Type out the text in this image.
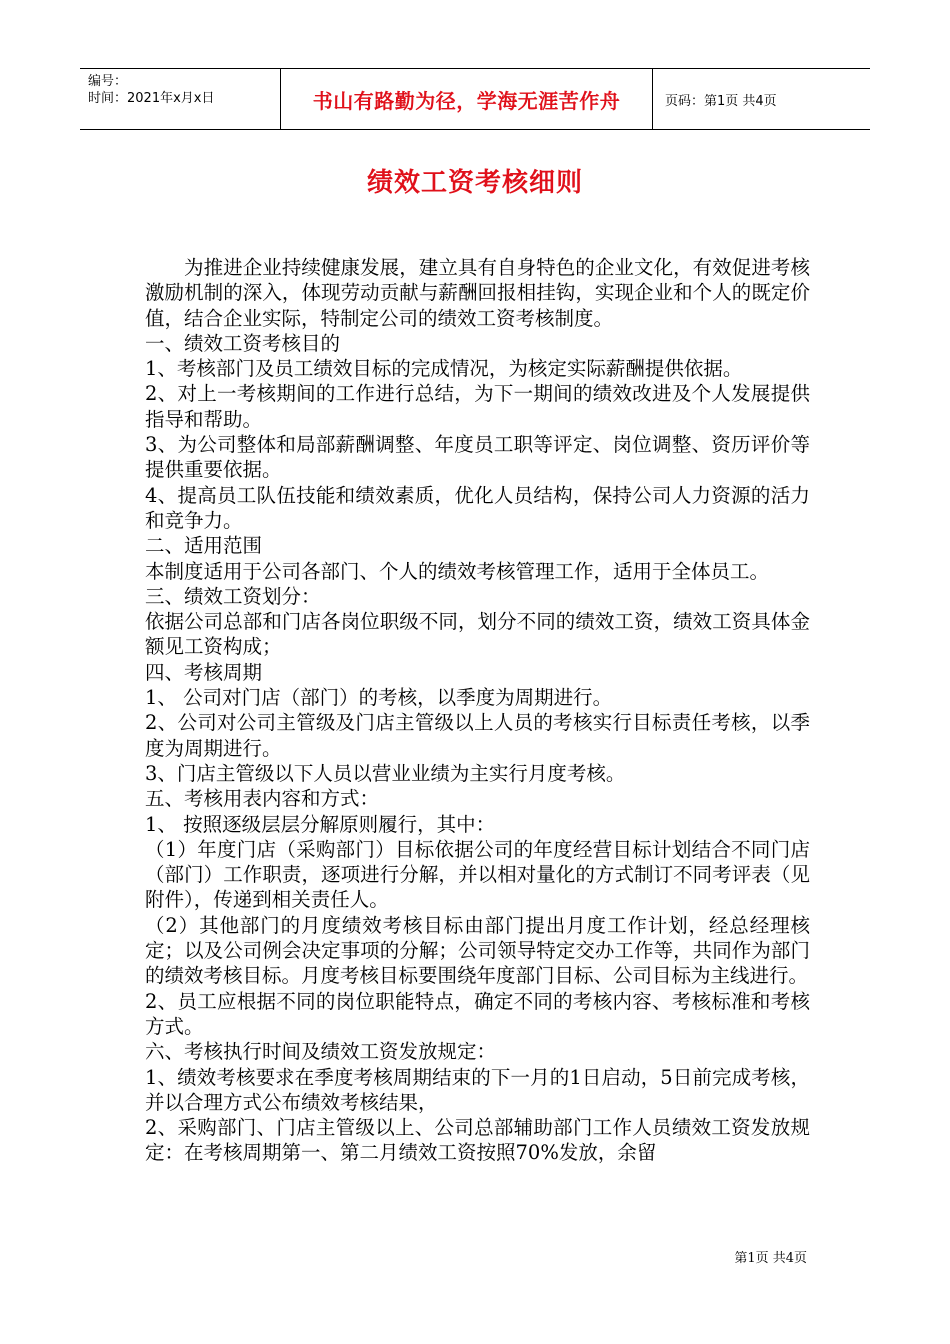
编号：
时间：2021年x月x日	书山有路勤为径，学海无涯苦作舟	页码：第1页 共4页
绩效工资考核细则

为推进企业持续健康发展，建立具有自身特色的企业文化，有效促进考核激励机制的深入，体现劳动贡献与薪酬回报相挂钩，实现企业和个人的既定价值，结合企业实际，特制定公司的绩效工资考核制度。

一、绩效工资考核目的

1、考核部门及员工绩效目标的完成情况，为核定实际薪酬提供依据。

2、对上一考核期间的工作进行总结，为下一期间的绩效改进及个人发展提供指导和帮助。

3、为公司整体和局部薪酬调整、年度员工职等评定、岗位调整、资历评价等提供重要依据。

4、提高员工队伍技能和绩效素质，优化人员结构，保持公司人力资源的活力和竞争力。

二、适用范围

本制度适用于公司各部门、个人的绩效考核管理工作，适用于全体员工。

三、绩效工资划分：

依据公司总部和门店各岗位职级不同，划分不同的绩效工资，绩效工资具体金额见工资构成；

四、考核周期

1、 公司对门店（部门）的考核，以季度为周期进行。

2、公司对公司主管级及门店主管级以上人员的考核实行目标责任考核，以季度为周期进行。

3、门店主管级以下人员以营业业绩为主实行月度考核。

五、考核用表内容和方式：

1、 按照逐级层层分解原则履行，其中：

（1）年度门店（采购部门）目标依据公司的年度经营目标计划结合不同门店（部门）工作职责，逐项进行分解，并以相对量化的方式制订不同考评表（见附件），传递到相关责任人。

（2）其他部门的月度绩效考核目标由部门提出月度工作计划，经总经理核定；以及公司例会决定事项的分解；公司领导特定交办工作等，共同作为部门的绩效考核目标。月度考核目标要围绕年度部门目标、公司目标为主线进行。

2、员工应根据不同的岗位职能特点，确定不同的考核内容、考核标准和考核方式。

六、考核执行时间及绩效工资发放规定：

1、绩效考核要求在季度考核周期结束的下一月的1日启动，5日前完成考核，并以合理方式公布绩效考核结果，

2、采购部门、门店主管级以上、公司总部辅助部门工作人员绩效工资发放规定：在考核周期第一、第二月绩效工资按照70%发放，余留

第1页 共4页
